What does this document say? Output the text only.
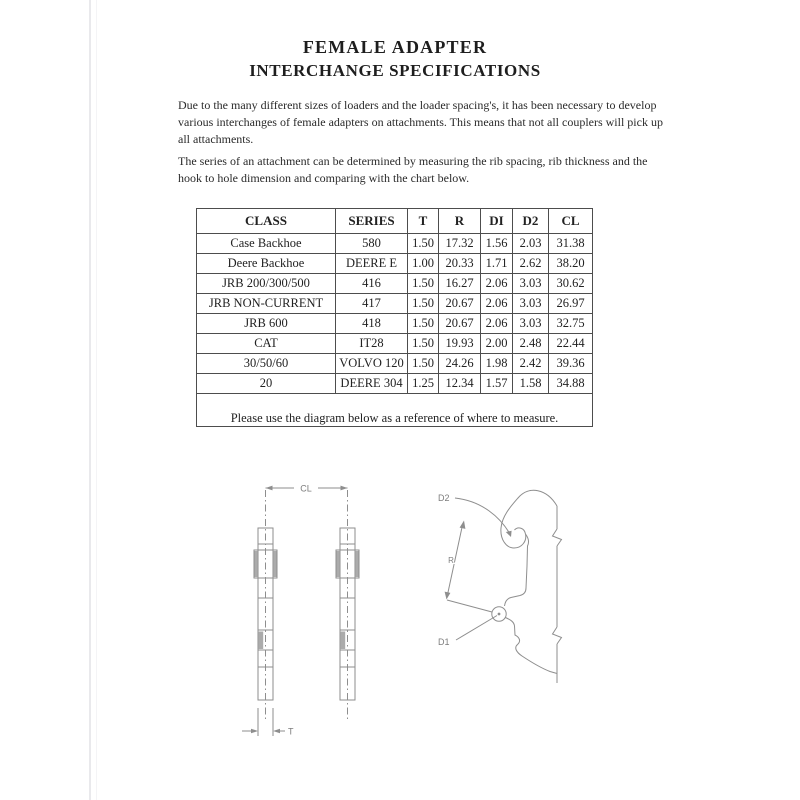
FEMALE ADAPTER
INTERCHANGE SPECIFICATIONS
Due to the many different sizes of loaders and the loader spacing's, it has been necessary to develop
various interchanges of female adapters on attachments. This means that not all couplers will pick up
all attachments.
The series of an attachment can be determined by measuring the rib spacing, rib thickness and the
hook to hole dimension and comparing with the chart below.
CLASS	SERIES	T	R	DI	D2	CL
Case Backhoe	580	1.50	17.32	1.56	2.03	31.38
Deere Backhoe	DEERE E	1.00	20.33	1.71	2.62	38.20
JRB 200/300/500	416	1.50	16.27	2.06	3.03	30.62
JRB NON-CURRENT	417	1.50	20.67	2.06	3.03	26.97
JRB 600	418	1.50	20.67	2.06	3.03	32.75
CAT	IT28	1.50	19.93	2.00	2.48	22.44
30/50/60	VOLVO 120	1.50	24.26	1.98	2.42	39.36
20	DEERE 304	1.25	12.34	1.57	1.58	34.88
Please use the diagram below as a reference of where to measure.						
CL
T
D2
R
D1
